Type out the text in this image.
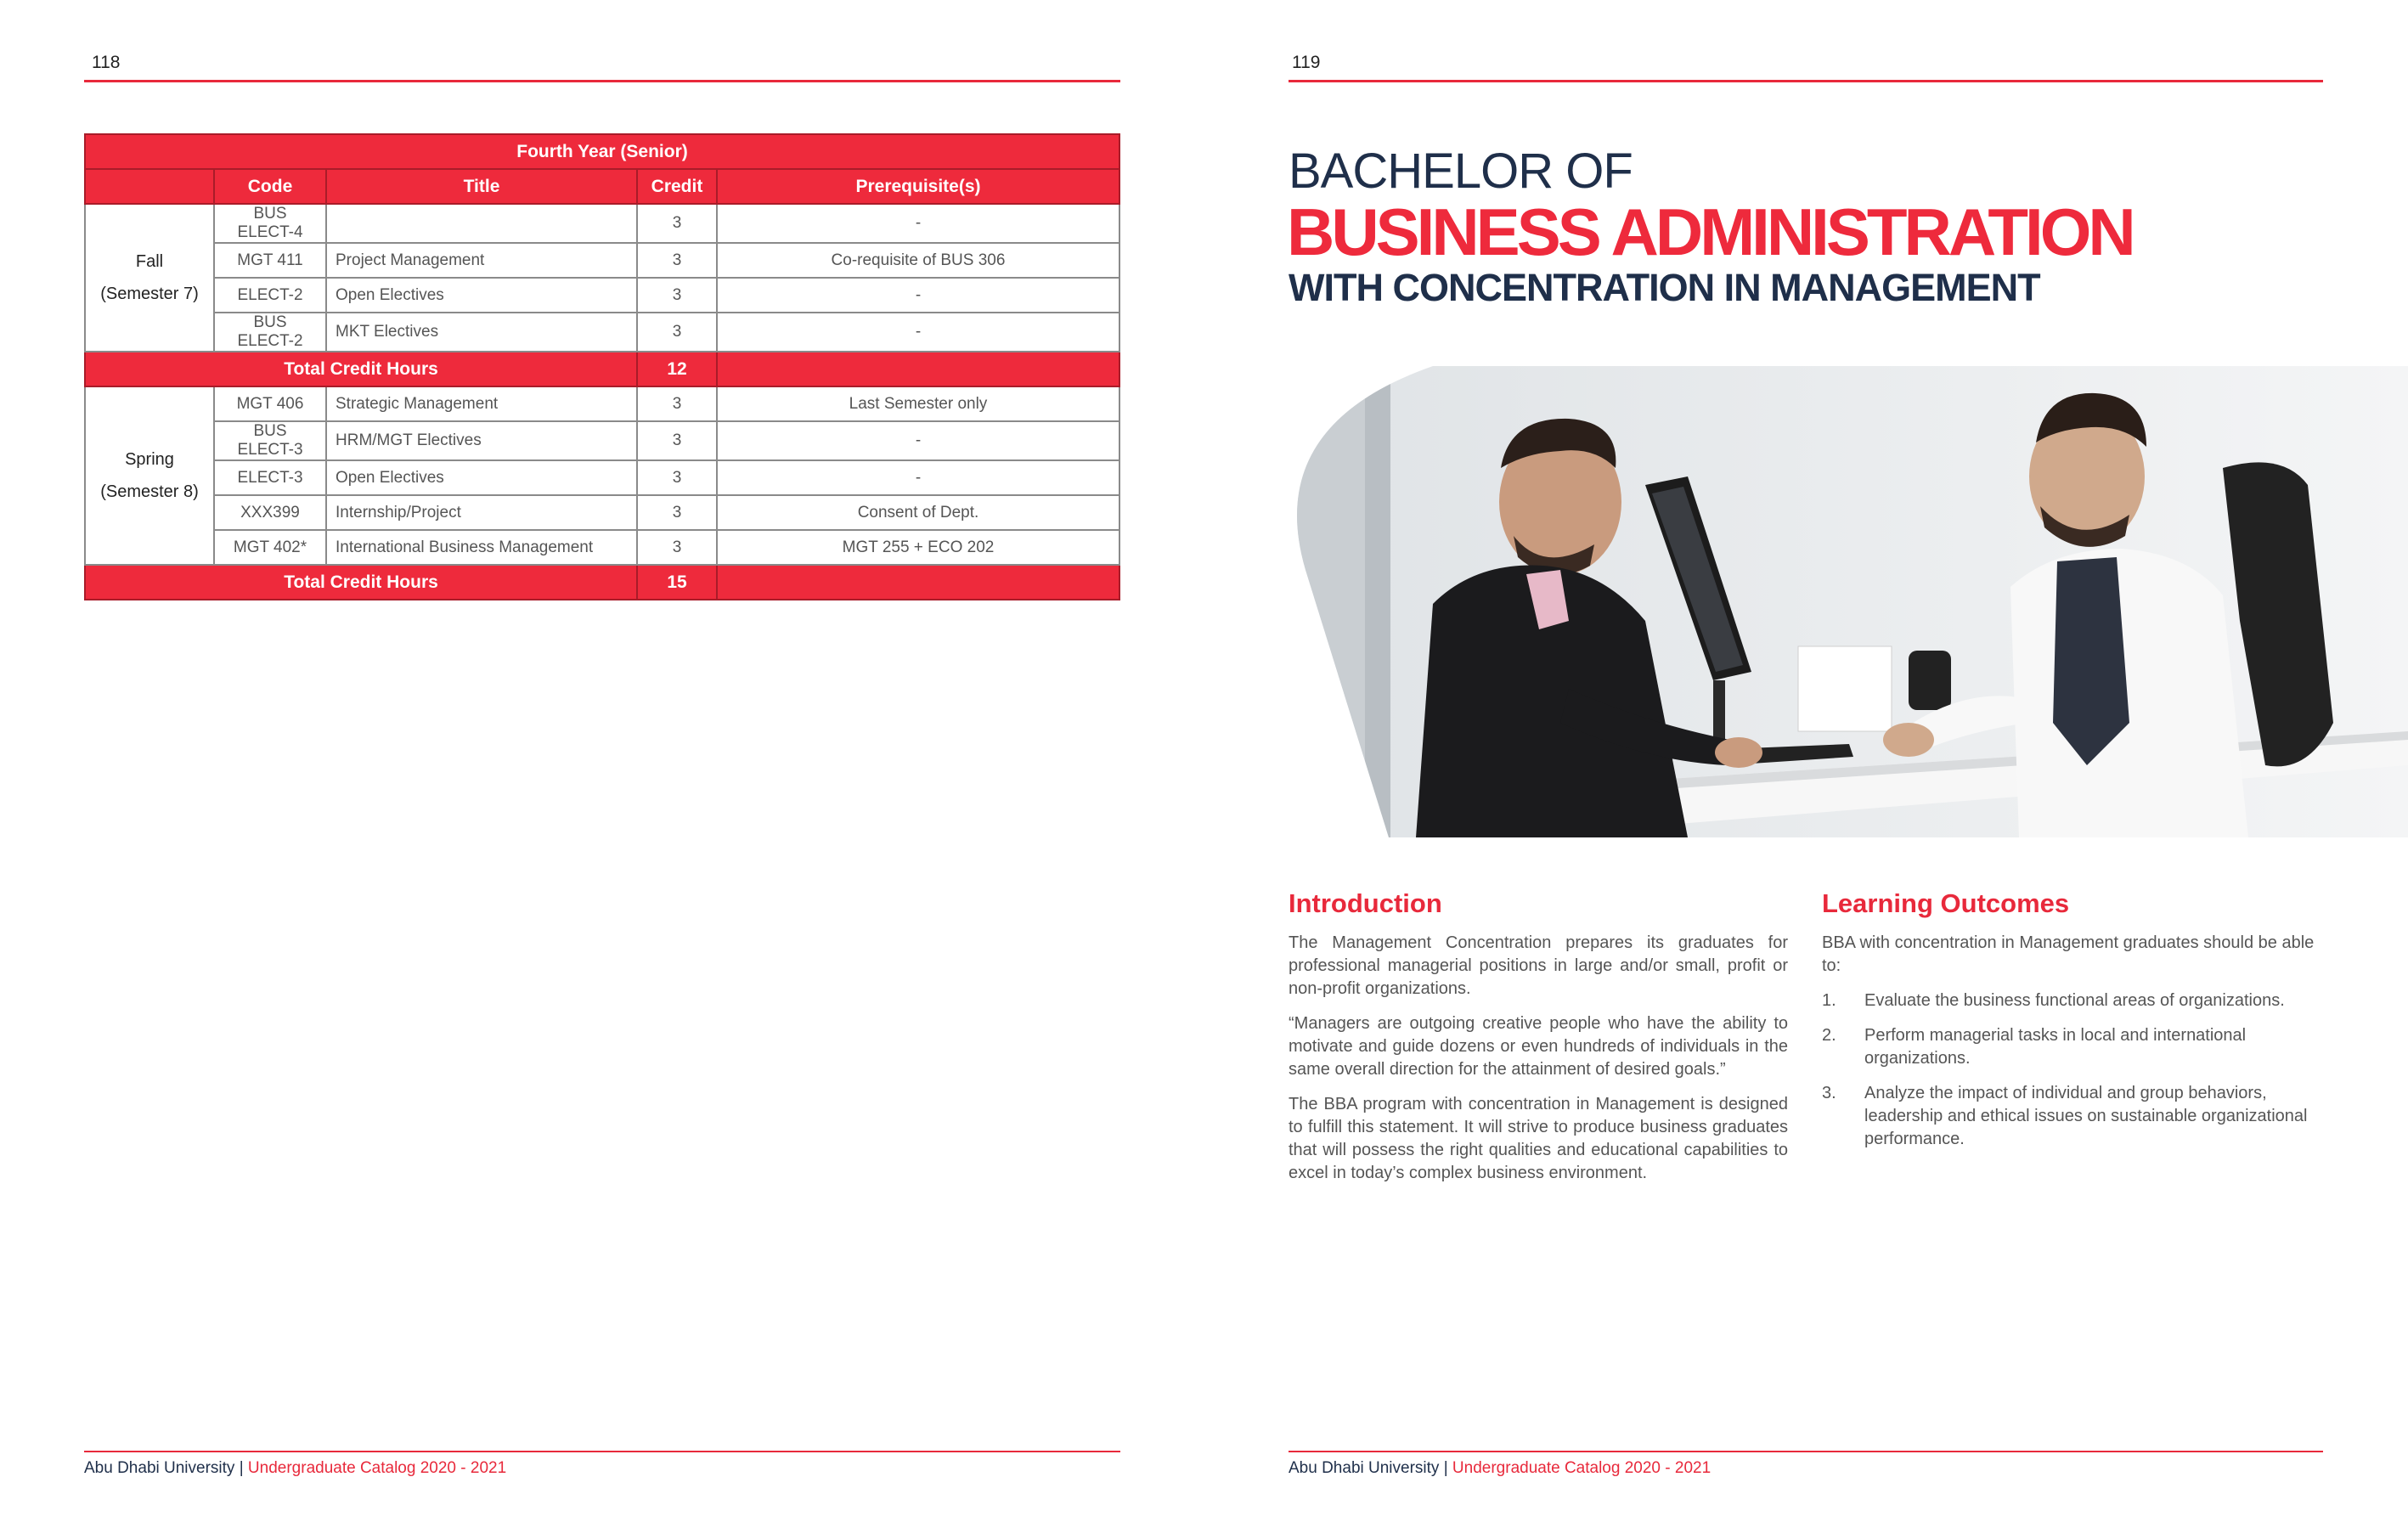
118
Fourth Year (Senior)				
	Code	Title	Credit	Prerequisite(s)

Fall
(Semester 7)	BUS ELECT-4		3	-
	MGT 411	Project Management	3	Co-requisite of BUS 306
	ELECT-2	Open Electives	3	-
	BUS ELECT-2	MKT Electives	3	-
Total Credit Hours			12	

Spring
(Semester 8)	MGT 406	Strategic Management	3	Last Semester only
	BUS ELECT-3	HRM/MGT Electives	3	-
	ELECT-3	Open Electives	3	-
	XXX399	Internship/Project	3	Consent of Dept.
	MGT 402*	International Business Management	3	MGT 255 + ECO 202
Total Credit Hours			15	
Abu Dhabi University | Undergraduate Catalog 2020 - 2021
119
BACHELOR OF
BUSINESS ADMINISTRATION
WITH CONCENTRATION IN MANAGEMENT
Introduction

The Management Concentration prepares its graduates for professional managerial positions in large and/or small, profit or non-profit organizations.

“Managers are outgoing creative people who have the ability to motivate and guide dozens or even hundreds of individuals in the same overall direction for the attainment of desired goals.”

The BBA program with concentration in Management is designed to fulfill this statement. It will strive to produce business graduates that will possess the right qualities and educational capabilities to excel in today’s complex business environment.

Learning Outcomes

BBA with concentration in Management graduates should be able to:

1. Evaluate the business functional areas of organizations.
2. Perform managerial tasks in local and international organizations.
3. Analyze the impact of individual and group behaviors, leadership and ethical issues on sustainable organizational performance.
Abu Dhabi University | Undergraduate Catalog 2020 - 2021
